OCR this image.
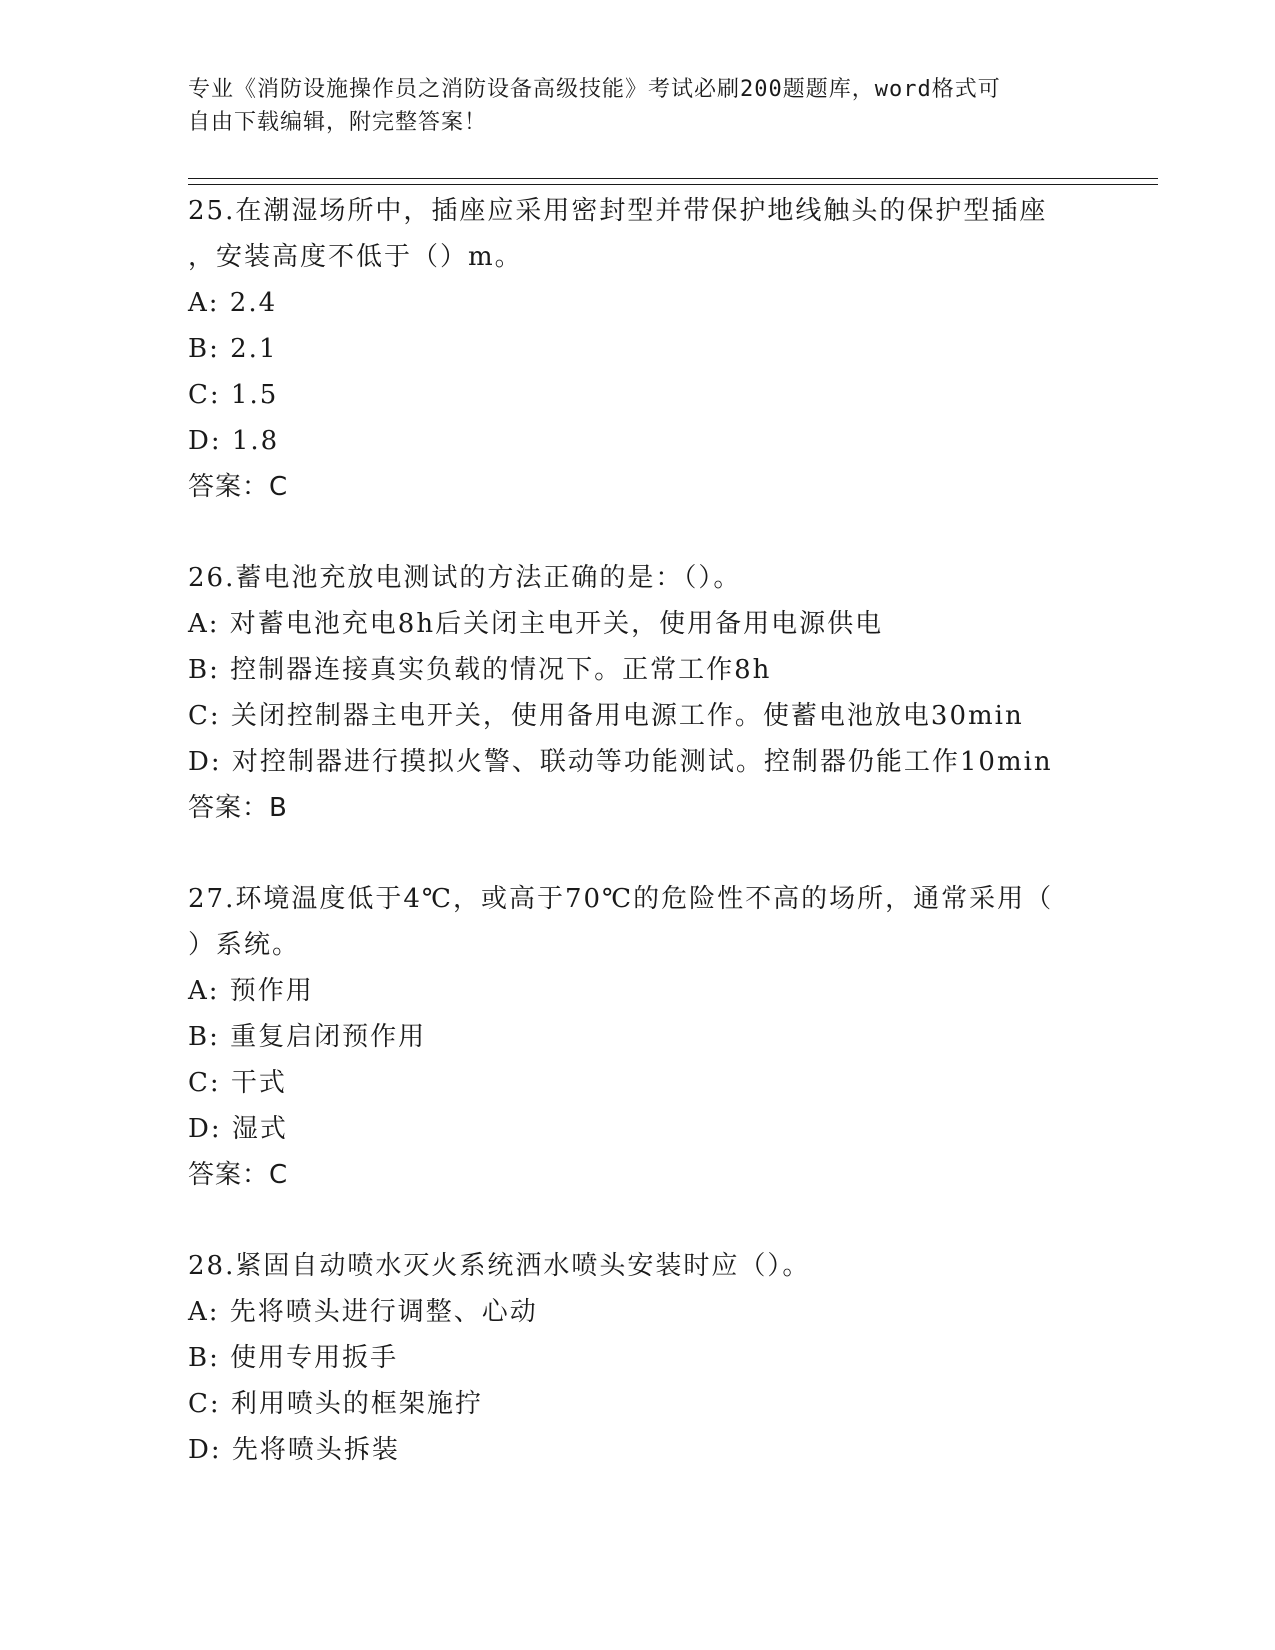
专业《消防设施操作员之消防设备高级技能》考试必刷200题题库，word格式可
自由下载编辑，附完整答案！
25.在潮湿场所中，插座应采用密封型并带保护地线触头的保护型插座
，安装高度不低于（）m。
A: 2.4
B: 2.1
C: 1.5
D: 1.8
答案：C
26.蓄电池充放电测试的方法正确的是：（）。
A: 对蓄电池充电8h后关闭主电开关，使用备用电源供电
B: 控制器连接真实负载的情况下。正常工作8h
C: 关闭控制器主电开关，使用备用电源工作。使蓄电池放电30min
D: 对控制器进行摸拟火警、联动等功能测试。控制器仍能工作10min
答案：B
27.环境温度低于4℃，或高于70℃的危险性不高的场所，通常采用（
）系统。
A: 预作用
B: 重复启闭预作用
C: 干式
D: 湿式
答案：C
28.紧固自动喷水灭火系统洒水喷头安装时应（）。
A: 先将喷头进行调整、心动
B: 使用专用扳手
C: 利用喷头的框架施拧
D: 先将喷头拆装
